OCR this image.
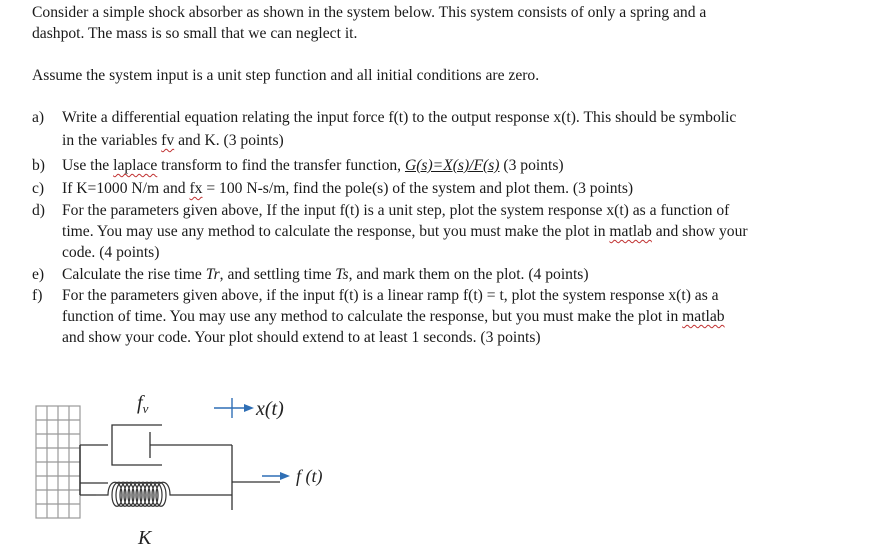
Consider a simple shock absorber as shown in the system below. This system consists of only a spring and a

dashpot. The mass is so small that we can neglect it.

Assume the system input is a unit step function and all initial conditions are zero.

a)	Write a differential equation relating the input force f(t) to the output response x(t). This should be symbolic
in the variables fv and K. (3 points)
b)	Use the laplace transform to find the transfer function, G(s)=X(s)/F(s) (3 points)
c)	If K=1000 N/m and fx = 100 N-s/m, find the pole(s) of the system and plot them. (3 points)
d)	For the parameters given above, If the input f(t) is a unit step, plot the system response x(t) as a function of
time. You may use any method to calculate the response, but you must make the plot in matlab and show your
code. (4 points)
e)	Calculate the rise time Tr, and settling time Ts, and mark them on the plot. (4 points)
f)	For the parameters given above, if the input f(t) is a linear ramp f(t) = t, plot the system response x(t) as a
function of time. You may use any method to calculate the response, but you must make the plot in matlab
and show your code. Your plot should extend to at least 1 seconds. (3 points)
$f_v$	x(t)
f (t)
K
